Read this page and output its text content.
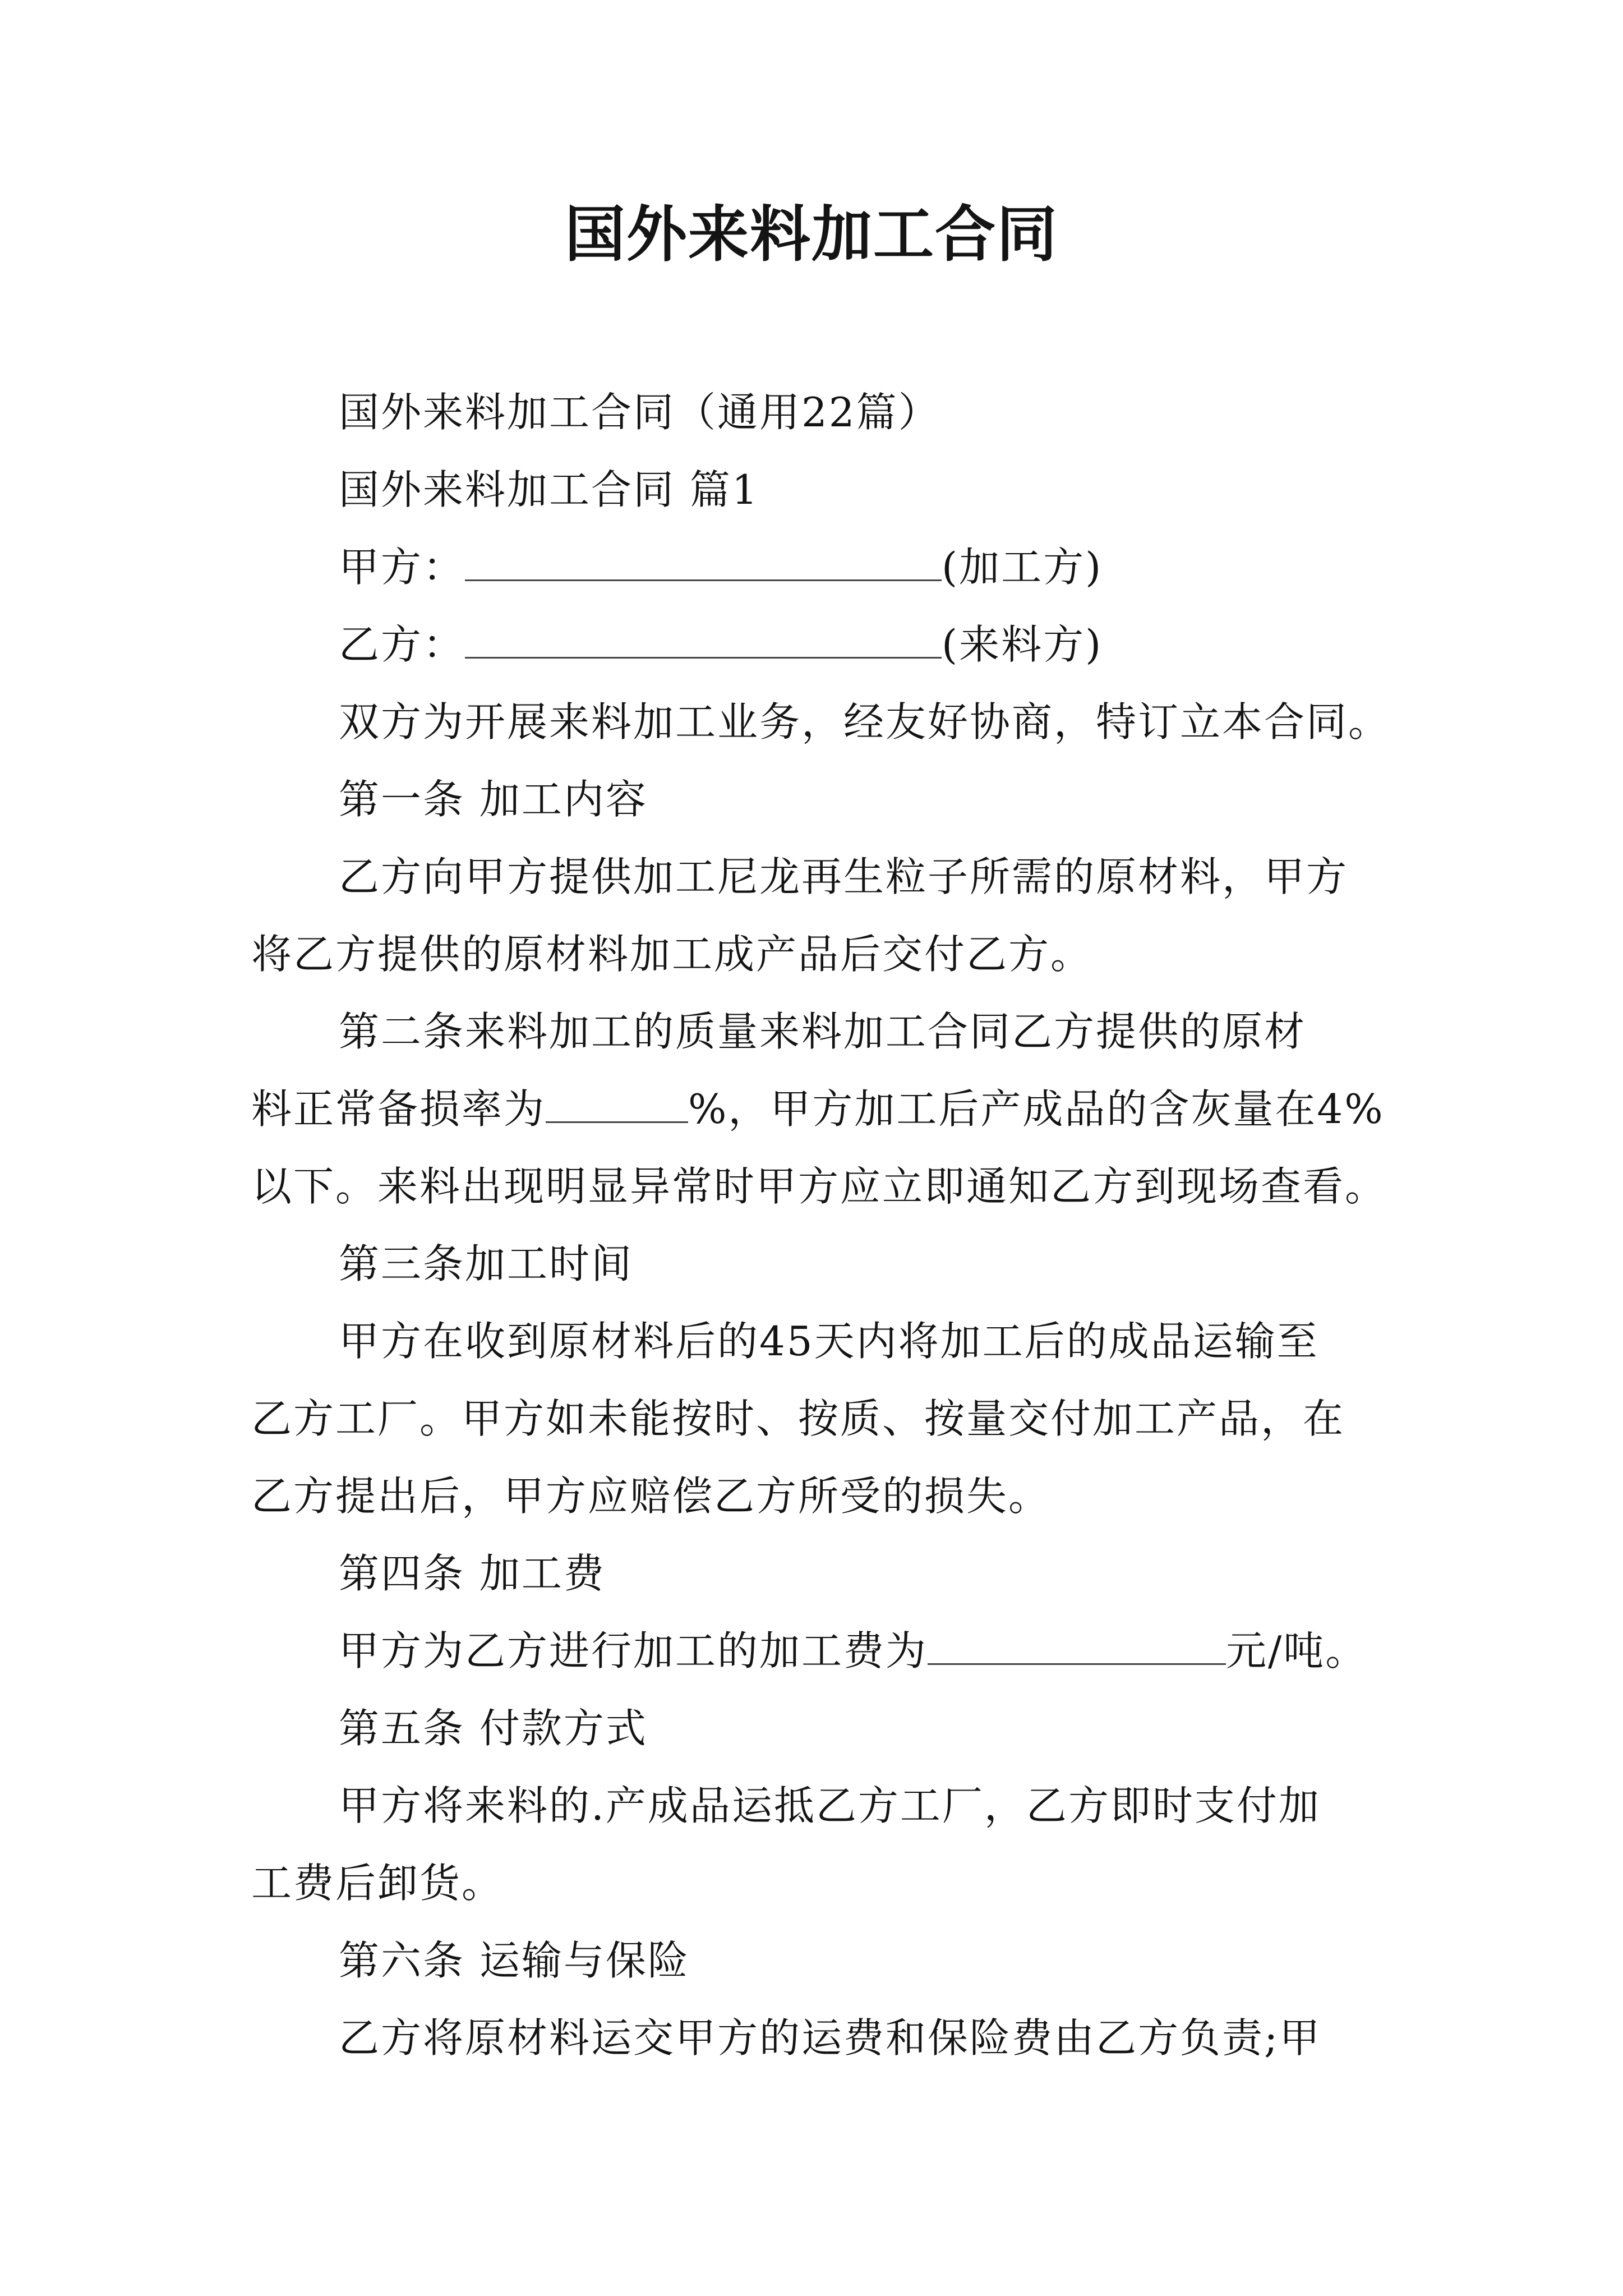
国外来料加工合同

国外来料加工合同（通用22篇）

国外来料加工合同 篇1

甲方：	(加工方)

乙方：	(来料方)

双方为开展来料加工业务，经友好协商，特订立本合同。

第一条 加工内容

乙方向甲方提供加工尼龙再生粒子所需的原材料，甲方

将乙方提供的原材料加工成产品后交付乙方。

第二条来料加工的质量来料加工合同乙方提供的原材

料正常备损率为	%，甲方加工后产成品的含灰量在4%

以下。来料出现明显异常时甲方应立即通知乙方到现场查看。

第三条加工时间

甲方在收到原材料后的45天内将加工后的成品运输至

乙方工厂。甲方如未能按时、按质、按量交付加工产品，在

乙方提出后，甲方应赔偿乙方所受的损失。

第四条 加工费

甲方为乙方进行加工的加工费为	元/吨。

第五条 付款方式

甲方将来料的.产成品运抵乙方工厂，乙方即时支付加

工费后卸货。

第六条 运输与保险

乙方将原材料运交甲方的运费和保险费由乙方负责;甲
